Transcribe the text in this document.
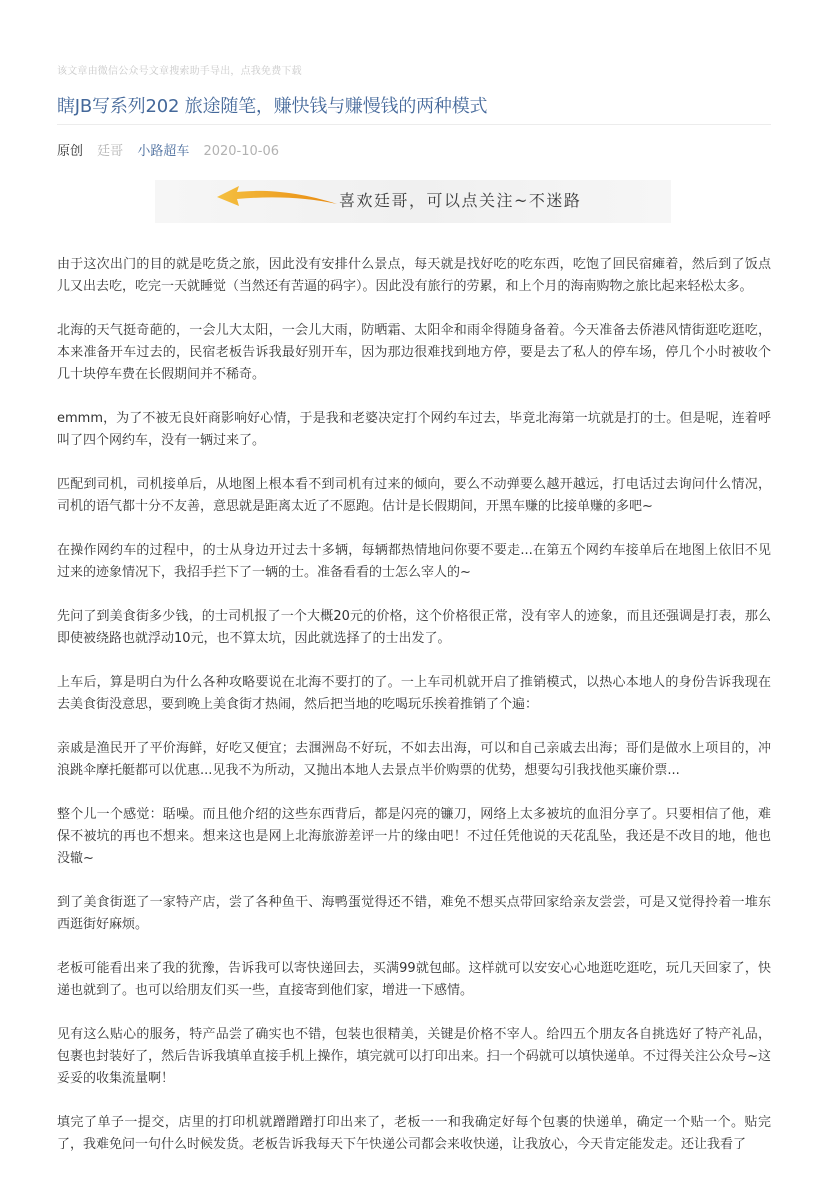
该文章由微信公众号文章搜索助手导出，点我免费下载
瞎JB写系列202 旅途随笔，赚快钱与赚慢钱的两种模式
原创 廷哥 小路超车 2020-10-06
喜欢廷哥，可以点关注~不迷路

由于这次出门的目的就是吃货之旅，因此没有安排什么景点，每天就是找好吃的吃东西，吃饱了回民宿瘫着，然后到了饭点儿又出去吃，吃完一天就睡觉（当然还有苦逼的码字）。因此没有旅行的劳累，和上个月的海南购物之旅比起来轻松太多。

北海的天气挺奇葩的，一会儿大太阳，一会儿大雨，防晒霜、太阳伞和雨伞得随身备着。今天准备去侨港风情街逛吃逛吃，本来准备开车过去的，民宿老板告诉我最好别开车，因为那边很难找到地方停，要是去了私人的停车场，停几个小时被收个几十块停车费在长假期间并不稀奇。

emmm，为了不被无良奸商影响好心情，于是我和老婆决定打个网约车过去，毕竟北海第一坑就是打的士。但是呢，连着呼叫了四个网约车，没有一辆过来了。

匹配到司机，司机接单后，从地图上根本看不到司机有过来的倾向，要么不动弹要么越开越远，打电话过去询问什么情况，司机的语气都十分不友善，意思就是距离太近了不愿跑。估计是长假期间，开黑车赚的比接单赚的多吧~

在操作网约车的过程中，的士从身边开过去十多辆，每辆都热情地问你要不要走...在第五个网约车接单后在地图上依旧不见过来的迹象情况下，我招手拦下了一辆的士。准备看看的士怎么宰人的~

先问了到美食街多少钱，的士司机报了一个大概20元的价格，这个价格很正常，没有宰人的迹象，而且还强调是打表，那么即使被绕路也就浮动10元，也不算太坑，因此就选择了的士出发了。

上车后，算是明白为什么各种攻略要说在北海不要打的了。一上车司机就开启了推销模式，以热心本地人的身份告诉我现在去美食街没意思，要到晚上美食街才热闹，然后把当地的吃喝玩乐挨着推销了个遍：

亲戚是渔民开了平价海鲜，好吃又便宜；去涠洲岛不好玩，不如去出海，可以和自己亲戚去出海；哥们是做水上项目的，冲浪跳伞摩托艇都可以优惠...见我不为所动，又抛出本地人去景点半价购票的优势，想要勾引我找他买廉价票...

整个儿一个感觉：聒噪。而且他介绍的这些东西背后，都是闪亮的镰刀，网络上太多被坑的血泪分享了。只要相信了他，难保不被坑的再也不想来。想来这也是网上北海旅游差评一片的缘由吧！不过任凭他说的天花乱坠，我还是不改目的地，他也没辙~

到了美食街逛了一家特产店，尝了各种鱼干、海鸭蛋觉得还不错，难免不想买点带回家给亲友尝尝，可是又觉得拎着一堆东西逛街好麻烦。

老板可能看出来了我的犹豫，告诉我可以寄快递回去，买满99就包邮。这样就可以安安心心地逛吃逛吃，玩几天回家了，快递也就到了。也可以给朋友们买一些，直接寄到他们家，增进一下感情。

见有这么贴心的服务，特产品尝了确实也不错，包装也很精美，关键是价格不宰人。给四五个朋友各自挑选好了特产礼品，包裹也封装好了，然后告诉我填单直接手机上操作，填完就可以打印出来。扫一个码就可以填快递单。不过得关注公众号~这妥妥的收集流量啊！

填完了单子一提交，店里的打印机就蹭蹭蹭打印出来了，老板一一和我确定好每个包裹的快递单，确定一个贴一个。贴完了，我难免问一句什么时候发货。老板告诉我每天下午快递公司都会来收快递，让我放心，今天肯定能发走。还让我看了
